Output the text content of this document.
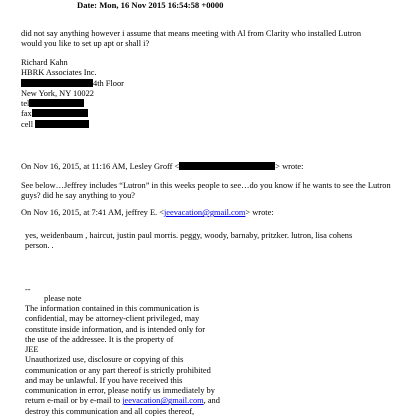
Date: Mon, 16 Nov 2015 16:54:58 +0000
did not say anything however i assume that means meeting with Al from Clarity who installed Lutron
would you like to set up apt or shall i?
Richard Kahn
HBRK Associates Inc.
4th Floor
New York, NY 10022
tel
fax
cell
On Nov 16, 2015, at 11:16 AM, Lesley Groff <	> wrote:
See below…Jeffrey includes “Lutron” in this weeks people to see…do you know if he wants to see the Lutron
guys? did he say anything to you?
On Nov 16, 2015, at 7:41 AM, jeffrey E. <jeevacation@gmail.com> wrote:
yes, weidenbaum , haircut, justin paul morris. peggy, woody, barnaby, pritzker. lutron, lisa cohens
person. .
--
please note
The information contained in this communication is
confidential, may be attorney-client privileged, may
constitute inside information, and is intended only for
the use of the addressee. It is the property of
JEE
Unauthorized use, disclosure or copying of this
communication or any part thereof is strictly prohibited
and may be unlawful. If you have received this
communication in error, please notify us immediately by
return e-mail or by e-mail to jeevacation@gmail.com, and
destroy this communication and all copies thereof,
